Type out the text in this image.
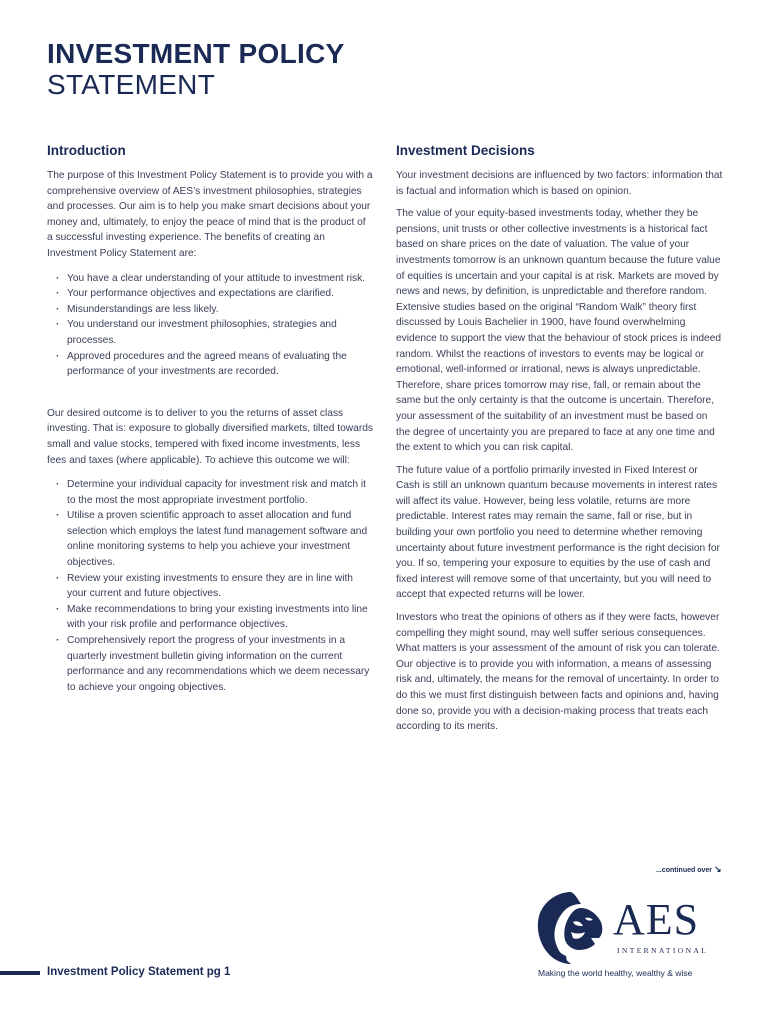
INVESTMENT POLICY
STATEMENT
Introduction

The purpose of this Investment Policy Statement is to provide you with a comprehensive overview of AES’s investment philosophies, strategies and processes. Our aim is to help you make smart decisions about your money and, ultimately, to enjoy the peace of mind that is the product of a successful investing experience. The benefits of creating an Investment Policy Statement are:

· You have a clear understanding of your attitude to investment risk.
· Your performance objectives and expectations are clarified.
· Misunderstandings are less likely.
· You understand our investment philosophies, strategies and processes.
· Approved procedures and the agreed means of evaluating the performance of your investments are recorded.

Our desired outcome is to deliver to you the returns of asset class investing. That is: exposure to globally diversified markets, tilted towards small and value stocks, tempered with fixed income investments, less fees and taxes (where applicable). To achieve this outcome we will:

· Determine your individual capacity for investment risk and match it to the most the most appropriate investment portfolio.
· Utilise a proven scientific approach to asset allocation and fund selection which employs the latest fund management software and online monitoring systems to help you achieve your investment objectives.
· Review your existing investments to ensure they are in line with your current and future objectives.
· Make recommendations to bring your existing investments into line with your risk profile and performance objectives.
· Comprehensively report the progress of your investments in a quarterly investment bulletin giving information on the current performance and any recommendations which we deem necessary to achieve your ongoing objectives.
Investment Decisions

Your investment decisions are influenced by two factors: information that is factual and information which is based on opinion.

The value of your equity-based investments today, whether they be pensions, unit trusts or other collective investments is a historical fact based on share prices on the date of valuation. The value of your investments tomorrow is an unknown quantum because the future value of equities is uncertain and your capital is at risk. Markets are moved by news and news, by definition, is unpredictable and therefore random. Extensive studies based on the original “Random Walk” theory first discussed by Louis Bachelier in 1900, have found overwhelming evidence to support the view that the behaviour of stock prices is indeed random. Whilst the reactions of investors to events may be logical or emotional, well-informed or irrational, news is always unpredictable. Therefore, share prices tomorrow may rise, fall, or remain about the same but the only certainty is that the outcome is uncertain. Therefore, your assessment of the suitability of an investment must be based on the degree of uncertainty you are prepared to face at any one time and the extent to which you can risk capital.

The future value of a portfolio primarily invested in Fixed Interest or Cash is still an unknown quantum because movements in interest rates will affect its value. However, being less volatile, returns are more predictable. Interest rates may remain the same, fall or rise, but in building your own portfolio you need to determine whether removing uncertainty about future investment performance is the right decision for you. If so, tempering your exposure to equities by the use of cash and fixed interest will remove some of that uncertainty, but you will need to accept that expected returns will be lower.

Investors who treat the opinions of others as if they were facts, however compelling they might sound, may well suffer serious consequences. What matters is your assessment of the amount of risk you can tolerate. Our objective is to provide you with information, a means of assessing risk and, ultimately, the means for the removal of uncertainty. In order to do this we must first distinguish between facts and opinions and, having done so, provide you with a decision-making process that treats each according to its merits.

...continued over ↘
AES
INTERNATIONAL
Making the world healthy, wealthy & wise
Investment Policy Statement pg 1
